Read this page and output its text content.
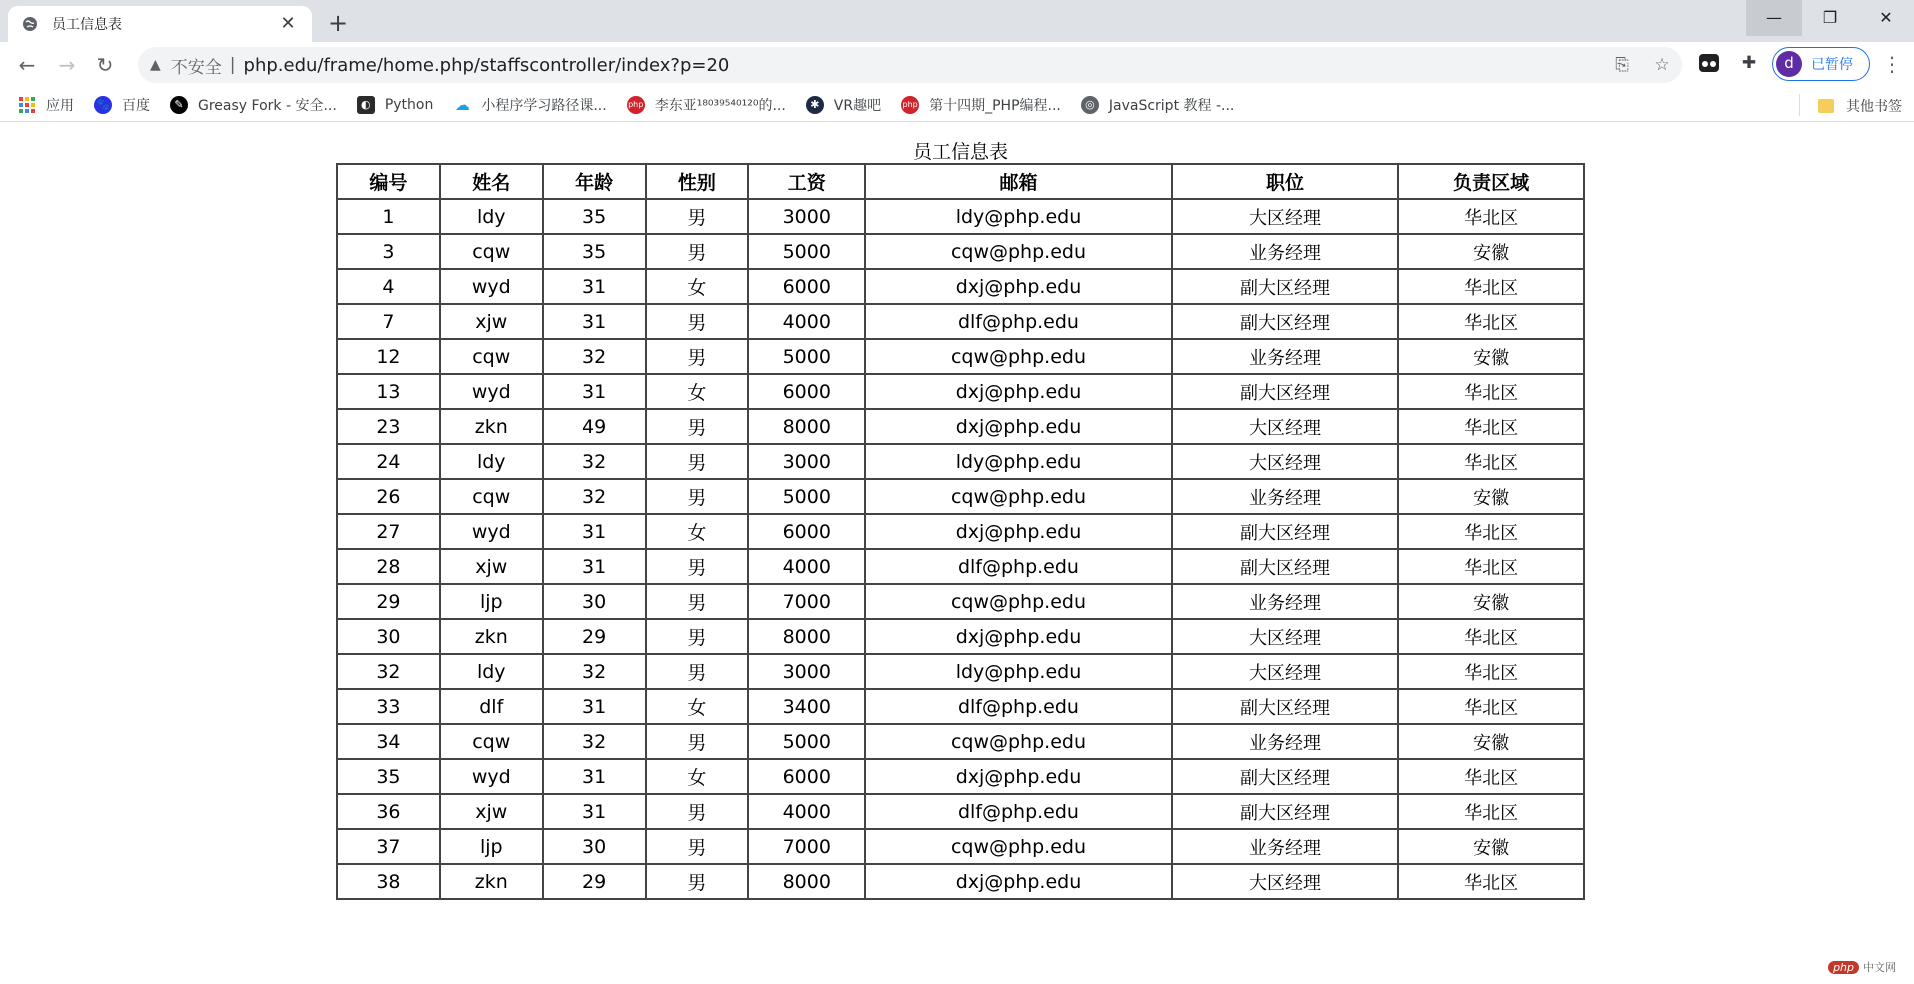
员工信息表	✕ +	—	❐	✕
←	→	↻	▲ 不安全 | php.edu/frame/home.php/staffscontroller/index?p=20	⎘	☆	✚	d	已暂停 ⋮
应用 🐾 百度	✎	Greasy Fork - 安全...	◐	Python ☁ 小程序学习路径课...	php 李东亚¹⁸⁰³⁹⁵⁴⁰¹²⁰的...	✱	VR趣吧	php 第十四期_PHP编程...	◎	JavaScript 教程 -...	其他书签
员工信息表
编号	姓名	年龄	性别	工资	邮箱	职位	负责区域
1	ldy	35	男	3000	ldy@php.edu	大区经理	华北区
3	cqw	35	男	5000	cqw@php.edu	业务经理	安徽
4	wyd	31	女	6000	dxj@php.edu	副大区经理	华北区
7	xjw	31	男	4000	dlf@php.edu	副大区经理	华北区
12	cqw	32	男	5000	cqw@php.edu	业务经理	安徽
13	wyd	31	女	6000	dxj@php.edu	副大区经理	华北区
23	zkn	49	男	8000	dxj@php.edu	大区经理	华北区
24	ldy	32	男	3000	ldy@php.edu	大区经理	华北区
26	cqw	32	男	5000	cqw@php.edu	业务经理	安徽
27	wyd	31	女	6000	dxj@php.edu	副大区经理	华北区
28	xjw	31	男	4000	dlf@php.edu	副大区经理	华北区
29	ljp	30	男	7000	cqw@php.edu	业务经理	安徽
30	zkn	29	男	8000	dxj@php.edu	大区经理	华北区
32	ldy	32	男	3000	ldy@php.edu	大区经理	华北区
33	dlf	31	女	3400	dlf@php.edu	副大区经理	华北区
34	cqw	32	男	5000	cqw@php.edu	业务经理	安徽
35	wyd	31	女	6000	dxj@php.edu	副大区经理	华北区
36	xjw	31	男	4000	dlf@php.edu	副大区经理	华北区
37	ljp	30	男	7000	cqw@php.edu	业务经理	安徽
38	zkn	29	男	8000	dxj@php.edu	大区经理	华北区
php 中文网
